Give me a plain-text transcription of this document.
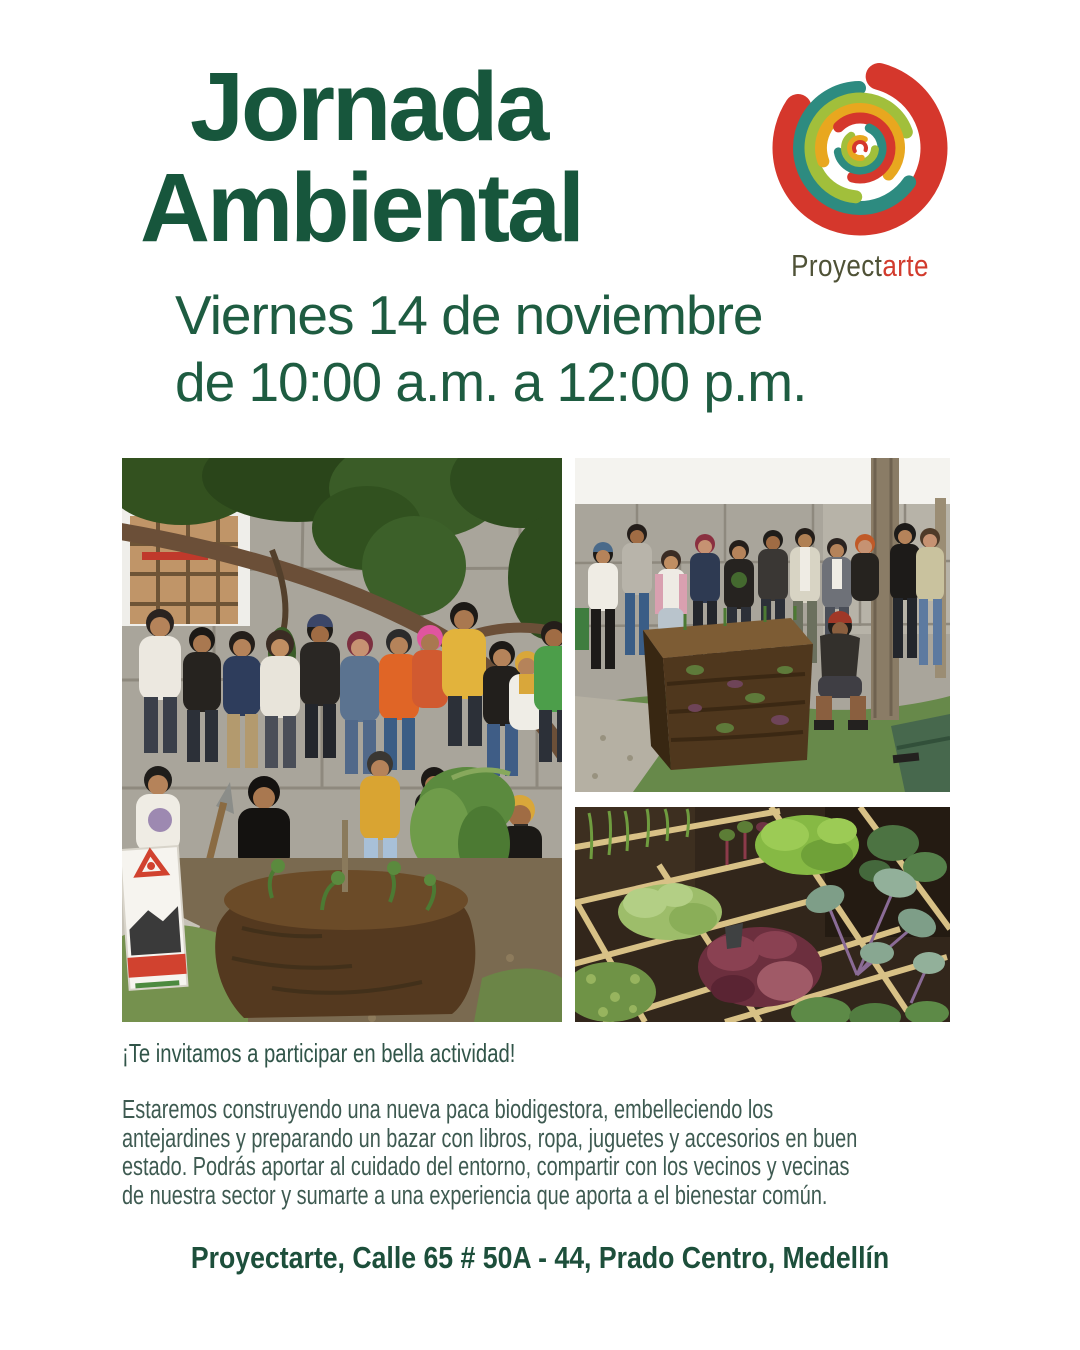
Jornada
Ambiental
Proyectarte
Viernes 14 de noviembre
de 10:00 a.m. a 12:00 p.m.
¡Te invitamos a participar en bella actividad!
Estaremos construyendo una nueva paca biodigestora, embelleciendo los
antejardines y preparando un bazar con libros, ropa, juguetes y accesorios en buen
estado. Podrás aportar al cuidado del entorno, compartir con los vecinos y vecinas
de nuestra sector y sumarte a una experiencia que aporta a el bienestar común.
Proyectarte, Calle 65 # 50A - 44, Prado Centro, Medellín
